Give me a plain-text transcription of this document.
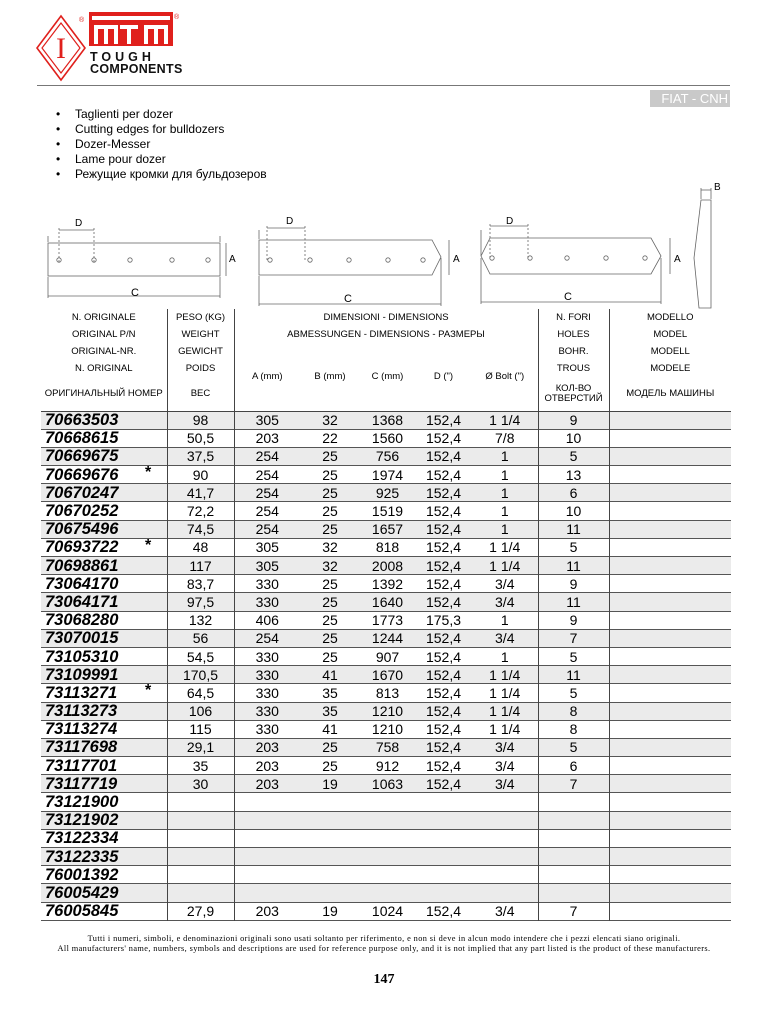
I
®	®
TOUGH
COMPONENTS
FIAT - CNH
• Taglienti per dozer
• Cutting edges for bulldozers
• Dozer-Messer
• Lame pour dozer
• Режущие кромки для бульдозеров
D
C
A
D
C
A
D
C
A
B
N. ORIGINALE	PESO (KG)	DIMENSIONI - DIMENSIONS					N. FORI	MODELLO
ORIGINAL P/N	WEIGHT	ABMESSUNGEN - DIMENSIONS - РАЗМЕРЫ					HOLES	MODEL
ORIGINAL-NR.	GEWICHT	A (mm)	B (mm)	C (mm)	D (")	Ø Bolt (")	BOHR.	MODELL
N. ORIGINAL	POIDS						TROUS	MODELE
ОРИГИНАЛЬНЫЙ НОМЕР	ВЕС						КОЛ-ВО ОТВЕРСТИЙ	МОДЕЛЬ МАШИНЫ
70663503	98	305	32	1368	152,4	1 1/4	9	
70668615	50,5	203	22	1560	152,4	7/8	10	
70669675	37,5	254	25	756	152,4	1	5	
70669676 *	90	254	25	1974	152,4	1	13	
70670247	41,7	254	25	925	152,4	1	6	
70670252	72,2	254	25	1519	152,4	1	10	
70675496	74,5	254	25	1657	152,4	1	11	
70693722 *	48	305	32	818	152,4	1 1/4	5	
70698861	117	305	32	2008	152,4	1 1/4	11	
73064170	83,7	330	25	1392	152,4	3/4	9	
73064171	97,5	330	25	1640	152,4	3/4	11	
73068280	132	406	25	1773	175,3	1	9	
73070015	56	254	25	1244	152,4	3/4	7	
73105310	54,5	330	25	907	152,4	1	5	
73109991	170,5	330	41	1670	152,4	1 1/4	11	
73113271 *	64,5	330	35	813	152,4	1 1/4	5	
73113273	106	330	35	1210	152,4	1 1/4	8	
73113274	115	330	41	1210	152,4	1 1/4	8	
73117698	29,1	203	25	758	152,4	3/4	5	
73117701	35	203	25	912	152,4	3/4	6	
73117719	30	203	19	1063	152,4	3/4	7	
73121900								
73121902								
73122334								
73122335								
76001392								
76005429								
76005845	27,9	203	19	1024	152,4	3/4	7	
Tutti i numeri, simboli, e denominazioni originali sono usati soltanto per riferimento, e non si deve in alcun modo intendere che i pezzi elencati siano originali.
All manufacturers' name, numbers, symbols and descriptions are used for reference purpose only, and it is not implied that any part listed is the product of these manufacturers.
147
